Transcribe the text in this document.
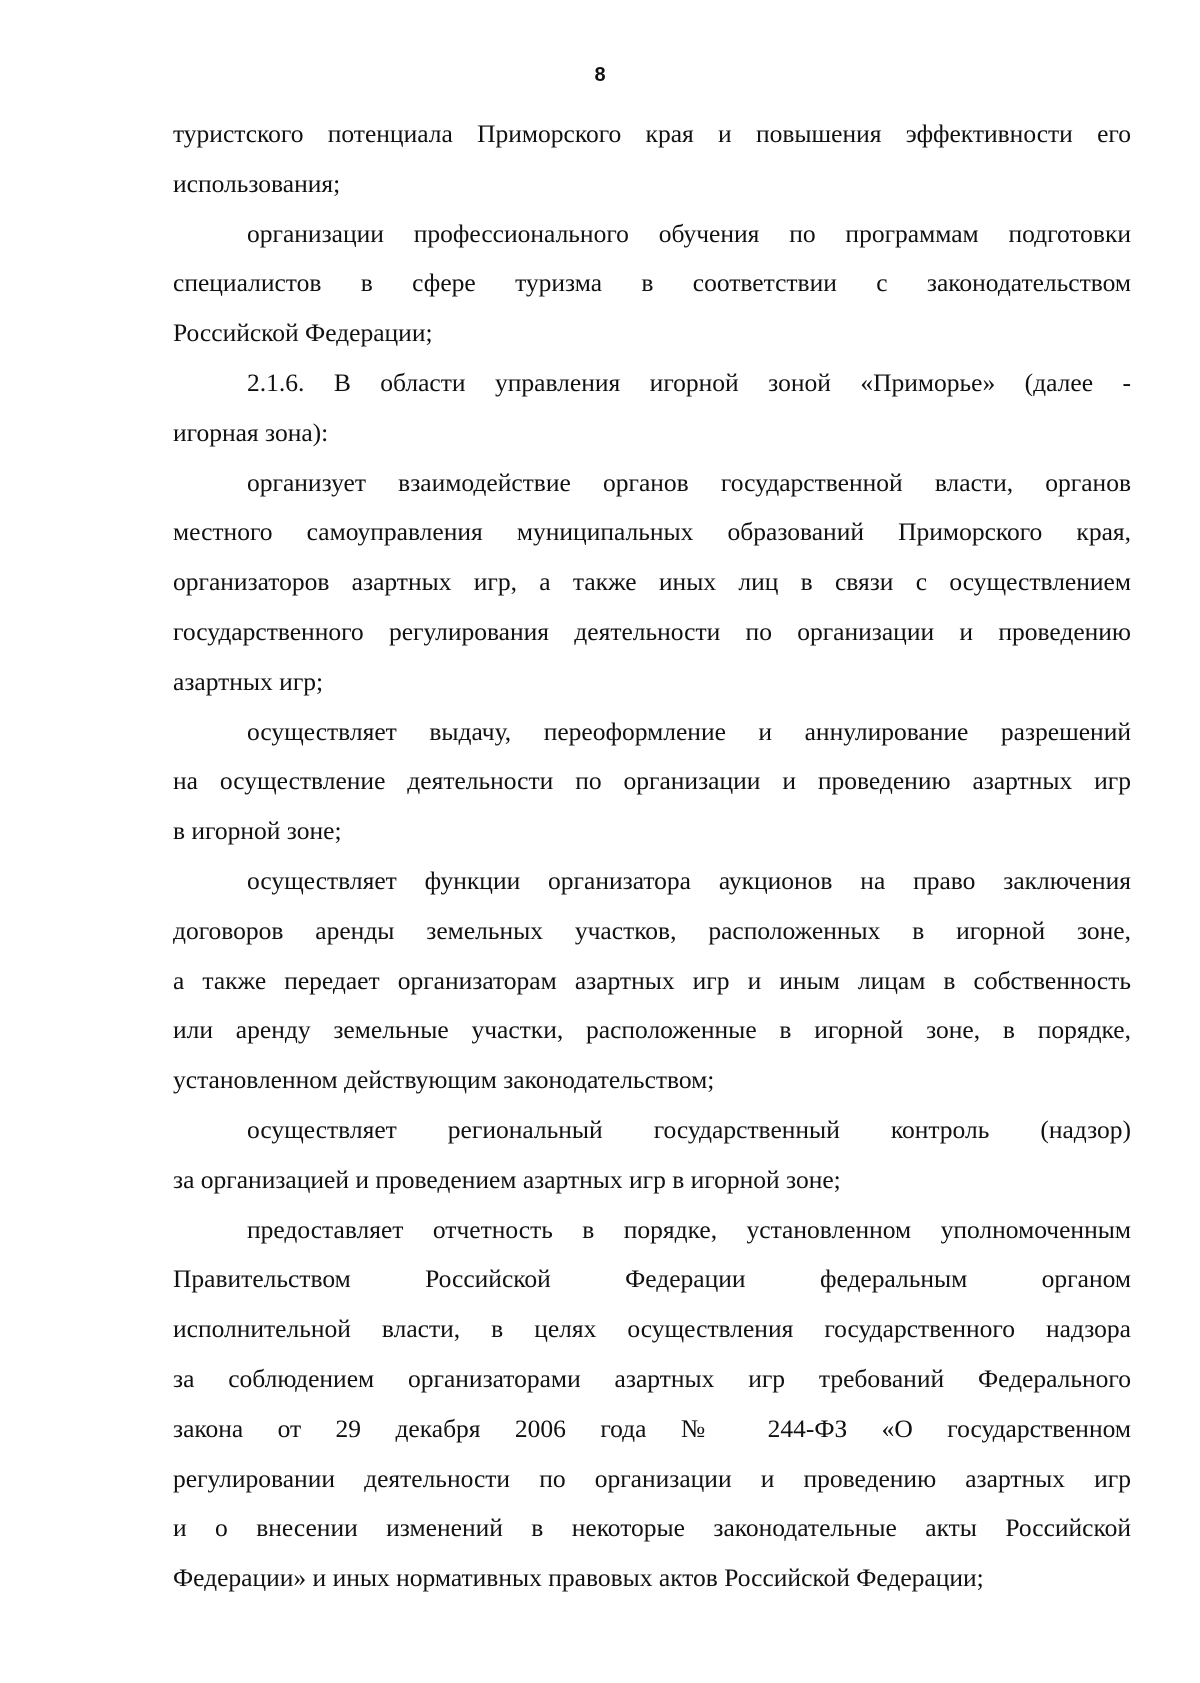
8
туристского потенциала Приморского края и повышения эффективности его
использования;
организации профессионального обучения по программам подготовки
специалистов в сфере туризма в соответствии с законодательством
Российской Федерации;
2.1.6. В области управления игорной зоной «Приморье» (далее -
игорная зона):
организует взаимодействие органов государственной власти, органов
местного самоуправления муниципальных образований Приморского края,
организаторов азартных игр, а также иных лиц в связи с осуществлением
государственного регулирования деятельности по организации и проведению
азартных игр;
осуществляет выдачу, переоформление и аннулирование разрешений
на осуществление деятельности по организации и проведению азартных игр
в игорной зоне;
осуществляет функции организатора аукционов на право заключения
договоров аренды земельных участков, расположенных в игорной зоне,
а также передает организаторам азартных игр и иным лицам в собственность
или аренду земельные участки, расположенные в игорной зоне, в порядке,
установленном действующим законодательством;
осуществляет региональный государственный контроль (надзор)
за организацией и проведением азартных игр в игорной зоне;
предоставляет отчетность в порядке, установленном уполномоченным
Правительством Российской Федерации федеральным органом
исполнительной власти, в целях осуществления государственного надзора
за соблюдением организаторами азартных игр требований Федерального
закона от 29 декабря 2006 года № 244-ФЗ «О государственном
регулировании деятельности по организации и проведению азартных игр
и о внесении изменений в некоторые законодательные акты Российской
Федерации» и иных нормативных правовых актов Российской Федерации;
